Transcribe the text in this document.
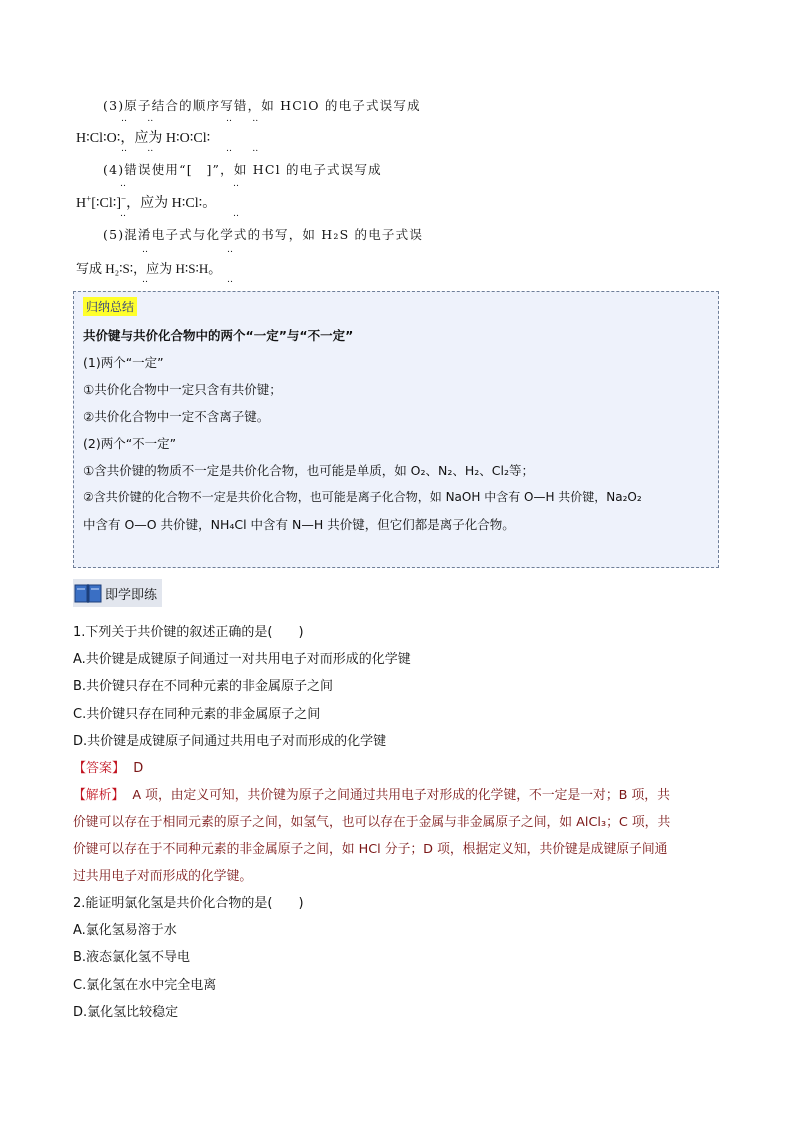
(3)原子结合的顺序写错，如 HClO 的电子式误写成
‥     ‥	‥     ‥
H∶Cl∶O∶，应为 H∶O∶Cl∶
‥     ‥	‥     ‥
(4)错误使用“[　]”，如 HCl 的电子式误写成
‥	‥
H+[∶Cl∶]−，应为 H∶Cl∶。
‥	‥
(5)混淆电子式与化学式的书写，如 H₂S 的电子式误
‥	‥
写成 H₂∶S∶，应为 H∶S∶H。
‥	‥
归纳总结
共价键与共价化合物中的两个“一定”与“不一定”
(1)两个“一定”
①共价化合物中一定只含有共价键；
②共价化合物中一定不含离子键。
(2)两个“不一定”
①含共价键的物质不一定是共价化合物，也可能是单质，如 O₂、N₂、H₂、Cl₂等；
②含共价键的化合物不一定是共价化合物，也可能是离子化合物，如 NaOH 中含有 O—H 共价键，Na₂O₂
中含有 O—O 共价键，NH₄Cl 中含有 N—H 共价键，但它们都是离子化合物。
即学即练
1.下列关于共价键的叙述正确的是(　　)
A.共价键是成键原子间通过一对共用电子对而形成的化学键
B.共价键只存在不同种元素的非金属原子之间
C.共价键只存在同种元素的非金属原子之间
D.共价键是成键原子间通过共用电子对而形成的化学键
【答案】 D
【解析】 A 项，由定义可知，共价键为原子之间通过共用电子对形成的化学键，不一定是一对；B 项，共
价键可以存在于相同元素的原子之间，如氢气，也可以存在于金属与非金属原子之间，如 AlCl₃；C 项，共
价键可以存在于不同种元素的非金属原子之间，如 HCl 分子；D 项，根据定义知，共价键是成键原子间通
过共用电子对而形成的化学键。
2.能证明氯化氢是共价化合物的是(　　)
A.氯化氢易溶于水
B.液态氯化氢不导电
C.氯化氢在水中完全电离
D.氯化氢比较稳定
